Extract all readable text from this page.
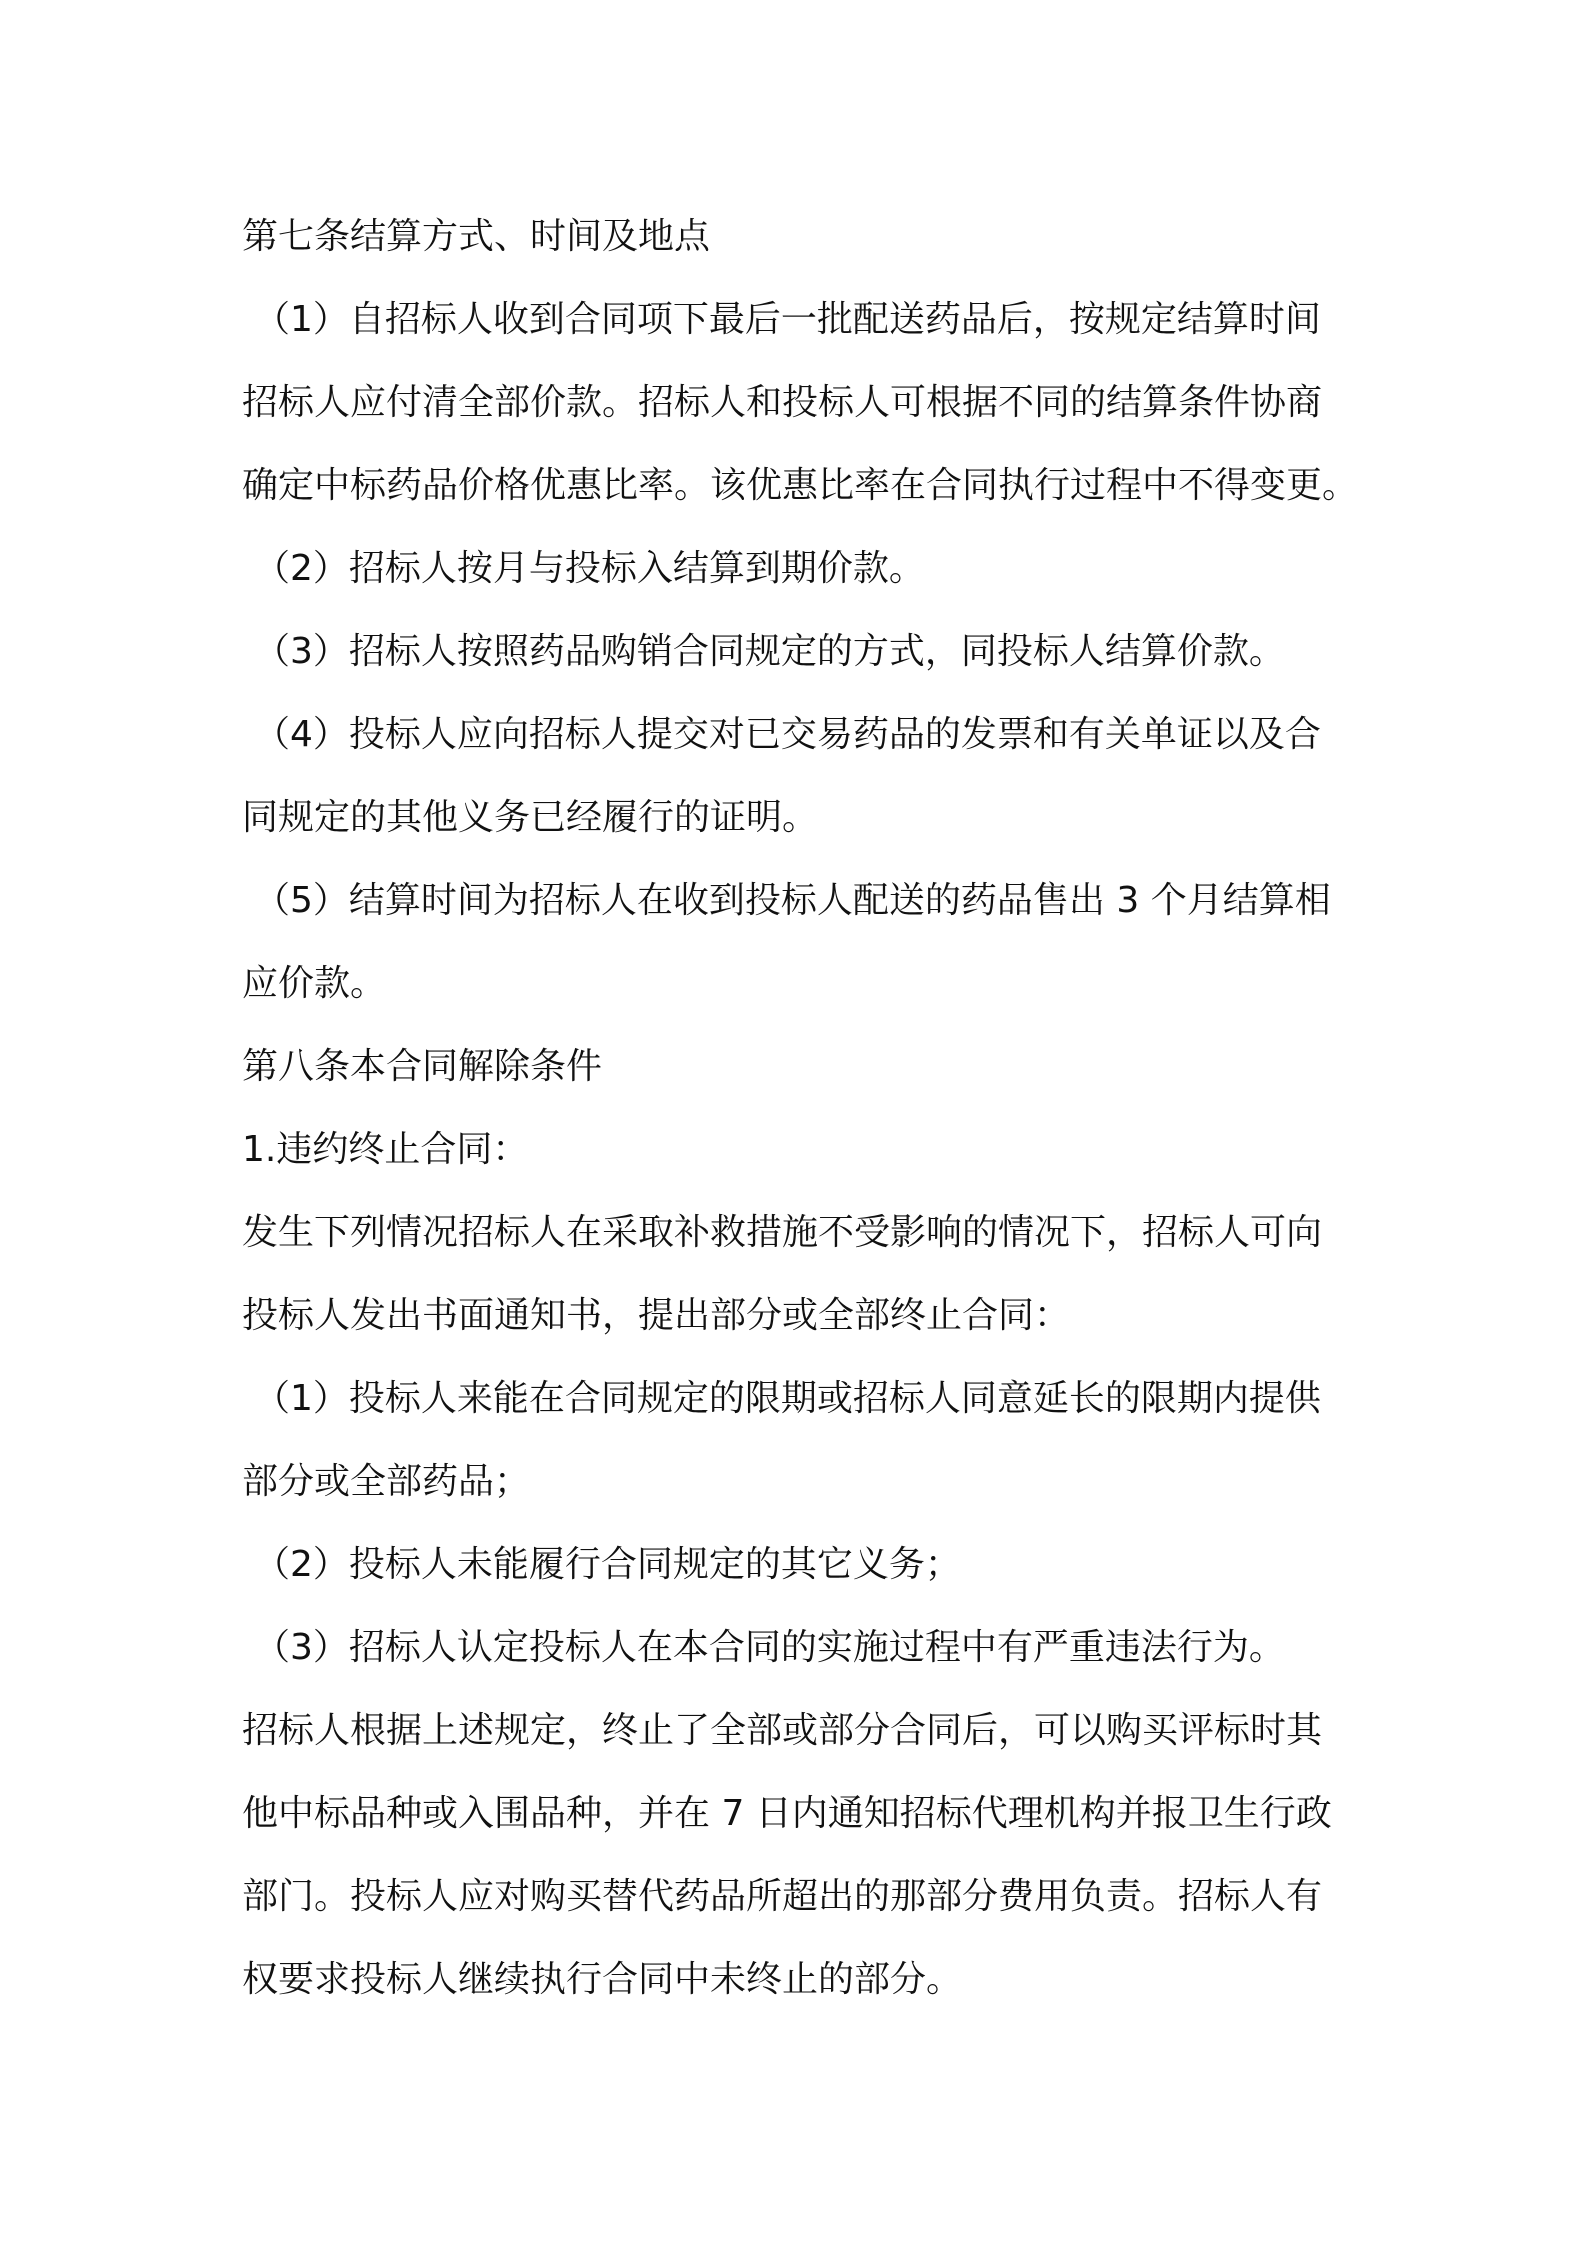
第七条结算方式、时间及地点
（1）自招标人收到合同项下最后一批配送药品后，按规定结算时间
招标人应付清全部价款。招标人和投标人可根据不同的结算条件协商
确定中标药品价格优惠比率。该优惠比率在合同执行过程中不得变更。
（2）招标人按月与投标入结算到期价款。
（3）招标人按照药品购销合同规定的方式，同投标人结算价款。
（4）投标人应向招标人提交对已交易药品的发票和有关单证以及合
同规定的其他义务已经履行的证明。
（5）结算时间为招标人在收到投标人配送的药品售出 3 个月结算相
应价款。
第八条本合同解除条件
1.违约终止合同：
发生下列情况招标人在采取补救措施不受影响的情况下，招标人可向
投标人发出书面通知书，提出部分或全部终止合同：
（1）投标人来能在合同规定的限期或招标人同意延长的限期内提供
部分或全部药品；
（2）投标人未能履行合同规定的其它义务；
（3）招标人认定投标人在本合同的实施过程中有严重违法行为。
招标人根据上述规定，终止了全部或部分合同后，可以购买评标时其
他中标品种或入围品种，并在 7 日内通知招标代理机构并报卫生行政
部门。投标人应对购买替代药品所超出的那部分费用负责。招标人有
权要求投标人继续执行合同中未终止的部分。
